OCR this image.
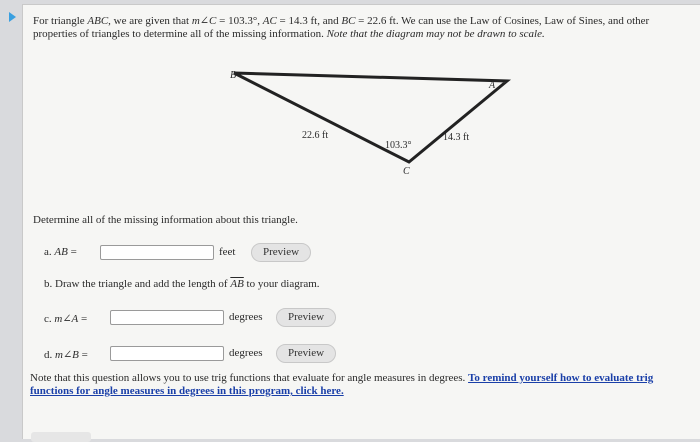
For triangle ABC, we are given that m∠C = 103.3°, AC = 14.3 ft, and BC = 22.6 ft. We can use the Law of Cosines, Law of Sines, and other properties of triangles to determine all of the missing information. Note that the diagram may not be drawn to scale.
B
A
C
22.6 ft	14.3 ft
103.3°
Determine all of the missing information about this triangle.
a. AB =	feet	Preview
b. Draw the triangle and add the length of $\overline{AB}$ to your diagram.
c. m∠A =	degrees	Preview
d. m∠B =	degrees	Preview
Note that this question allows you to use trig functions that evaluate for angle measures in degrees. To remind yourself how to evaluate trig functions for angle measures in degrees in this program, click here.
